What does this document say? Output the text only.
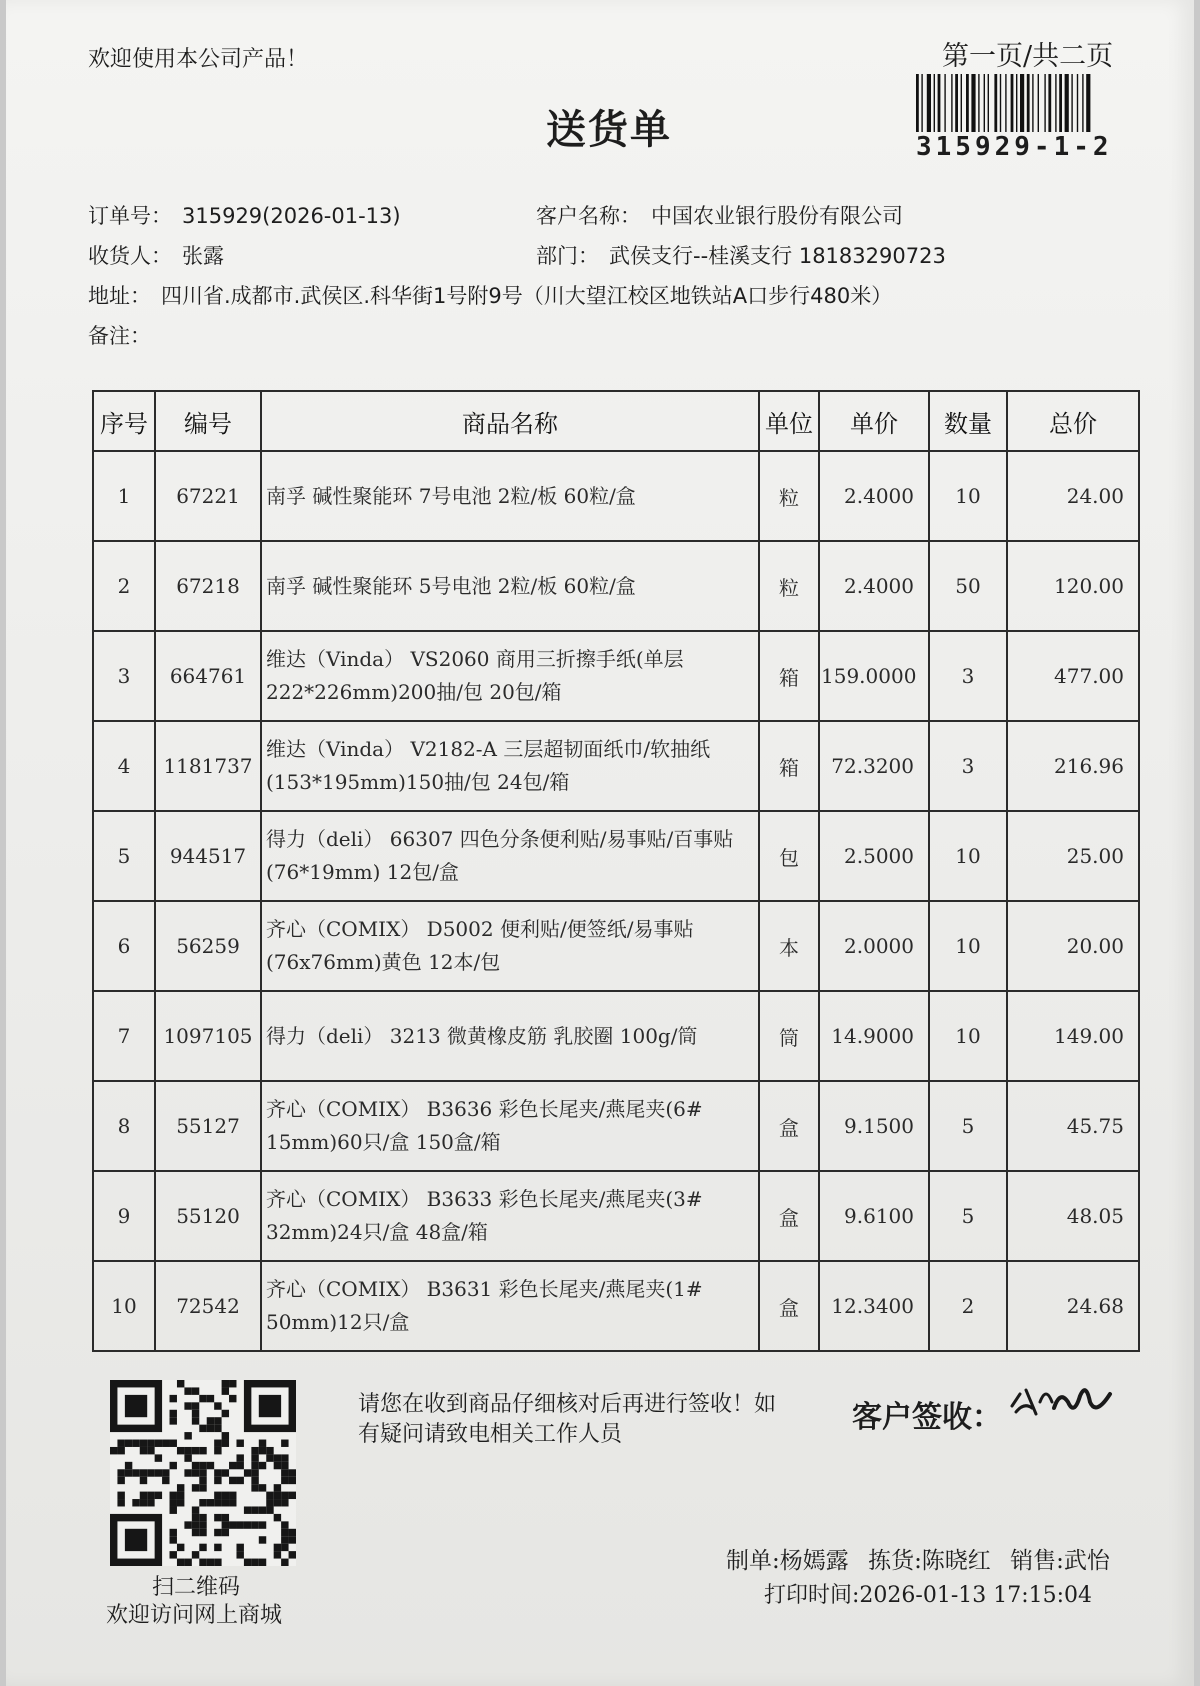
欢迎使用本公司产品！
送货单
第一页/共二页
315929-1-2
订单号： 315929(2026-01-13)	客户名称： 中国农业银行股份有限公司
收货人： 张露	部门： 武侯支行--桂溪支行 18183290723
地址： 四川省.成都市.武侯区.科华街1号附9号（川大望江校区地铁站A口步行480米）
备注：
序号	编号	商品名称	单位	单价	数量	总价
1	67221	南孚 碱性聚能环 7号电池 2粒/板 60粒/盒	粒	2.4000	10	24.00
2	67218	南孚 碱性聚能环 5号电池 2粒/板 60粒/盒	粒	2.4000	50	120.00
3	664761	维达（Vinda） VS2060 商用三折擦手纸(单层222*226mm)200抽/包 20包/箱	箱	159.0000	3	477.00
4	1181737	维达（Vinda） V2182-A 三层超韧面纸巾/软抽纸(153*195mm)150抽/包 24包/箱	箱	72.3200	3	216.96
5	944517	得力（deli） 66307 四色分条便利贴/易事贴/百事贴(76*19mm) 12包/盒	包	2.5000	10	25.00
6	56259	齐心（COMIX） D5002 便利贴/便签纸/易事贴(76x76mm)黄色 12本/包	本	2.0000	10	20.00
7	1097105	得力（deli） 3213 微黄橡皮筋 乳胶圈 100g/筒	筒	14.9000	10	149.00
8	55127	齐心（COMIX） B3636 彩色长尾夹/燕尾夹(6# 15mm)60只/盒 150盒/箱	盒	9.1500	5	45.75
9	55120	齐心（COMIX） B3633 彩色长尾夹/燕尾夹(3# 32mm)24只/盒 48盒/箱	盒	9.6100	5	48.05
10	72542	齐心（COMIX） B3631 彩色长尾夹/燕尾夹(1# 50mm)12只/盒	盒	12.3400	2	24.68
扫二维码
欢迎访问网上商城
请您在收到商品仔细核对后再进行签收！如有疑问请致电相关工作人员	客户签收：
制单:杨嫣露 拣货:陈晓红 销售:武怡
打印时间:2026-01-13 17:15:04
